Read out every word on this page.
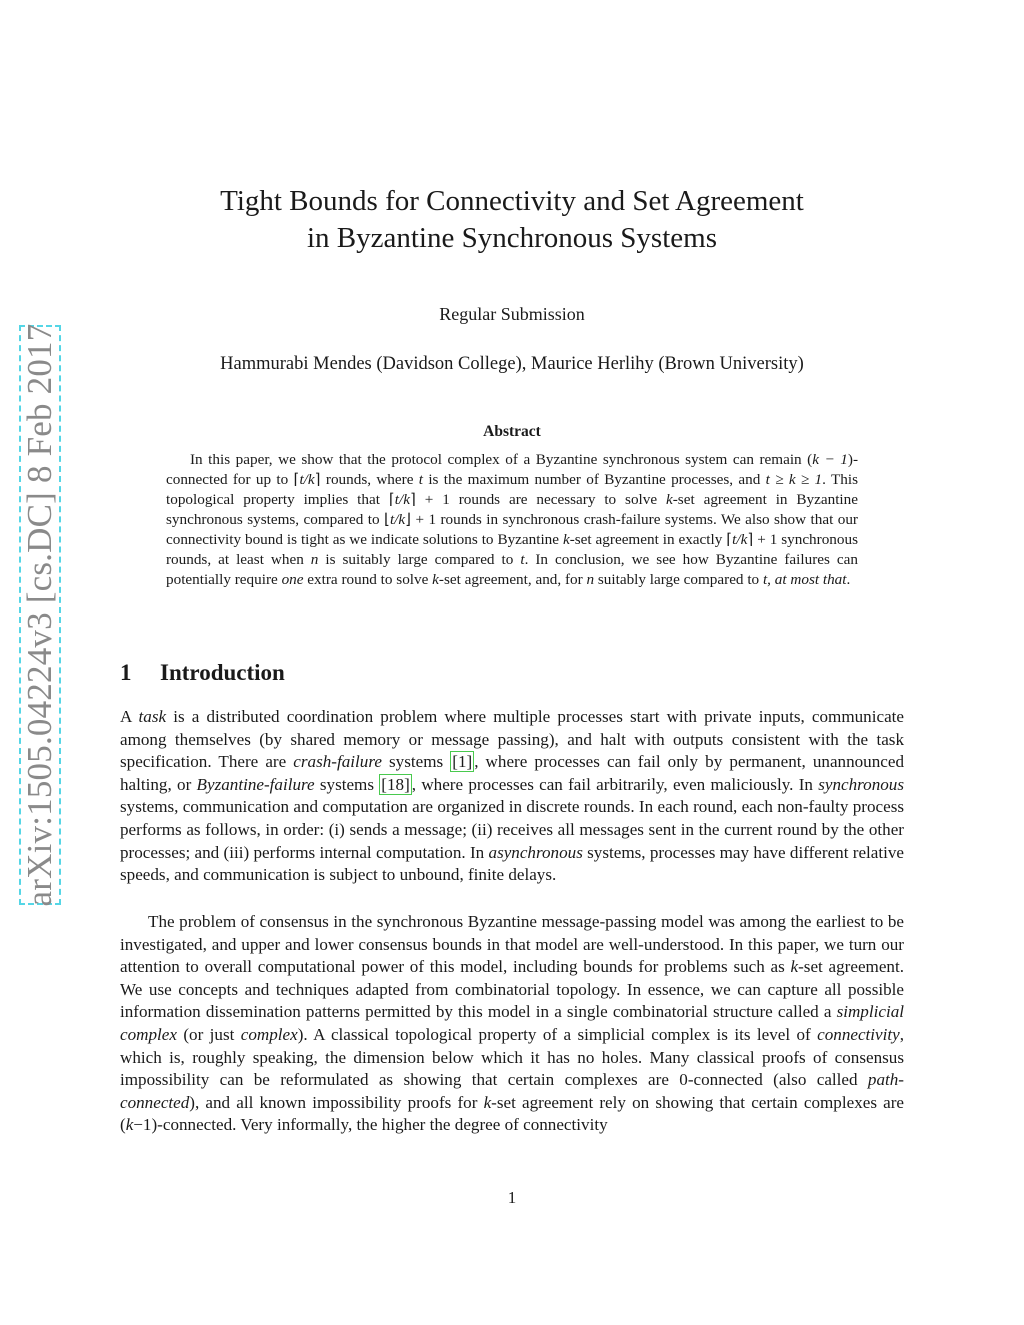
arXiv:1505.04224v3 [cs.DC] 8 Feb 2017
Tight Bounds for Connectivity and Set Agreement
in Byzantine Synchronous Systems
Regular Submission
Hammurabi Mendes (Davidson College), Maurice Herlihy (Brown University)
Abstract

In this paper, we show that the protocol complex of a Byzantine synchronous system can remain (k − 1)-connected for up to ⌈t/k⌉ rounds, where t is the maximum number of Byzantine processes, and t ≥ k ≥ 1. This topological property implies that ⌈t/k⌉ + 1 rounds are necessary to solve k-set agreement in Byzantine synchronous systems, compared to ⌊t/k⌋ + 1 rounds in synchronous crash-failure systems. We also show that our connectivity bound is tight as we indicate solutions to Byzantine k-set agreement in exactly ⌈t/k⌉ + 1 synchronous rounds, at least when n is suitably large compared to t. In conclusion, we see how Byzantine failures can potentially require one extra round to solve k-set agreement, and, for n suitably large compared to t, at most that.

1 Introduction

A task is a distributed coordination problem where multiple processes start with private inputs, communicate among themselves (by shared memory or message passing), and halt with outputs consistent with the task specification. There are crash-failure systems [1] , where processes can fail only by permanent, unannounced halting, or Byzantine-failure systems [18] , where processes can fail arbitrarily, even maliciously. In synchronous systems, communication and computation are organized in discrete rounds. In each round, each non-faulty process performs as follows, in order: (i) sends a message; (ii) receives all messages sent in the current round by the other processes; and (iii) performs internal computation. In asynchronous systems, processes may have different relative speeds, and communication is subject to unbound, finite delays.

The problem of consensus in the synchronous Byzantine message-passing model was among the earliest to be investigated, and upper and lower consensus bounds in that model are well-understood. In this paper, we turn our attention to overall computational power of this model, including bounds for problems such as k-set agreement. We use concepts and techniques adapted from combinatorial topology. In essence, we can capture all possible information dissemination patterns permitted by this model in a single combinatorial structure called a simplicial complex (or just complex). A classical topological property of a simplicial complex is its level of connectivity, which is, roughly speaking, the dimension below which it has no holes. Many classical proofs of consensus impossibility can be reformulated as showing that certain complexes are 0-connected (also called path-connected), and all known impossibility proofs for k-set agreement rely on showing that certain complexes are (k−1)-connected. Very informally, the higher the degree of connectivity

1
